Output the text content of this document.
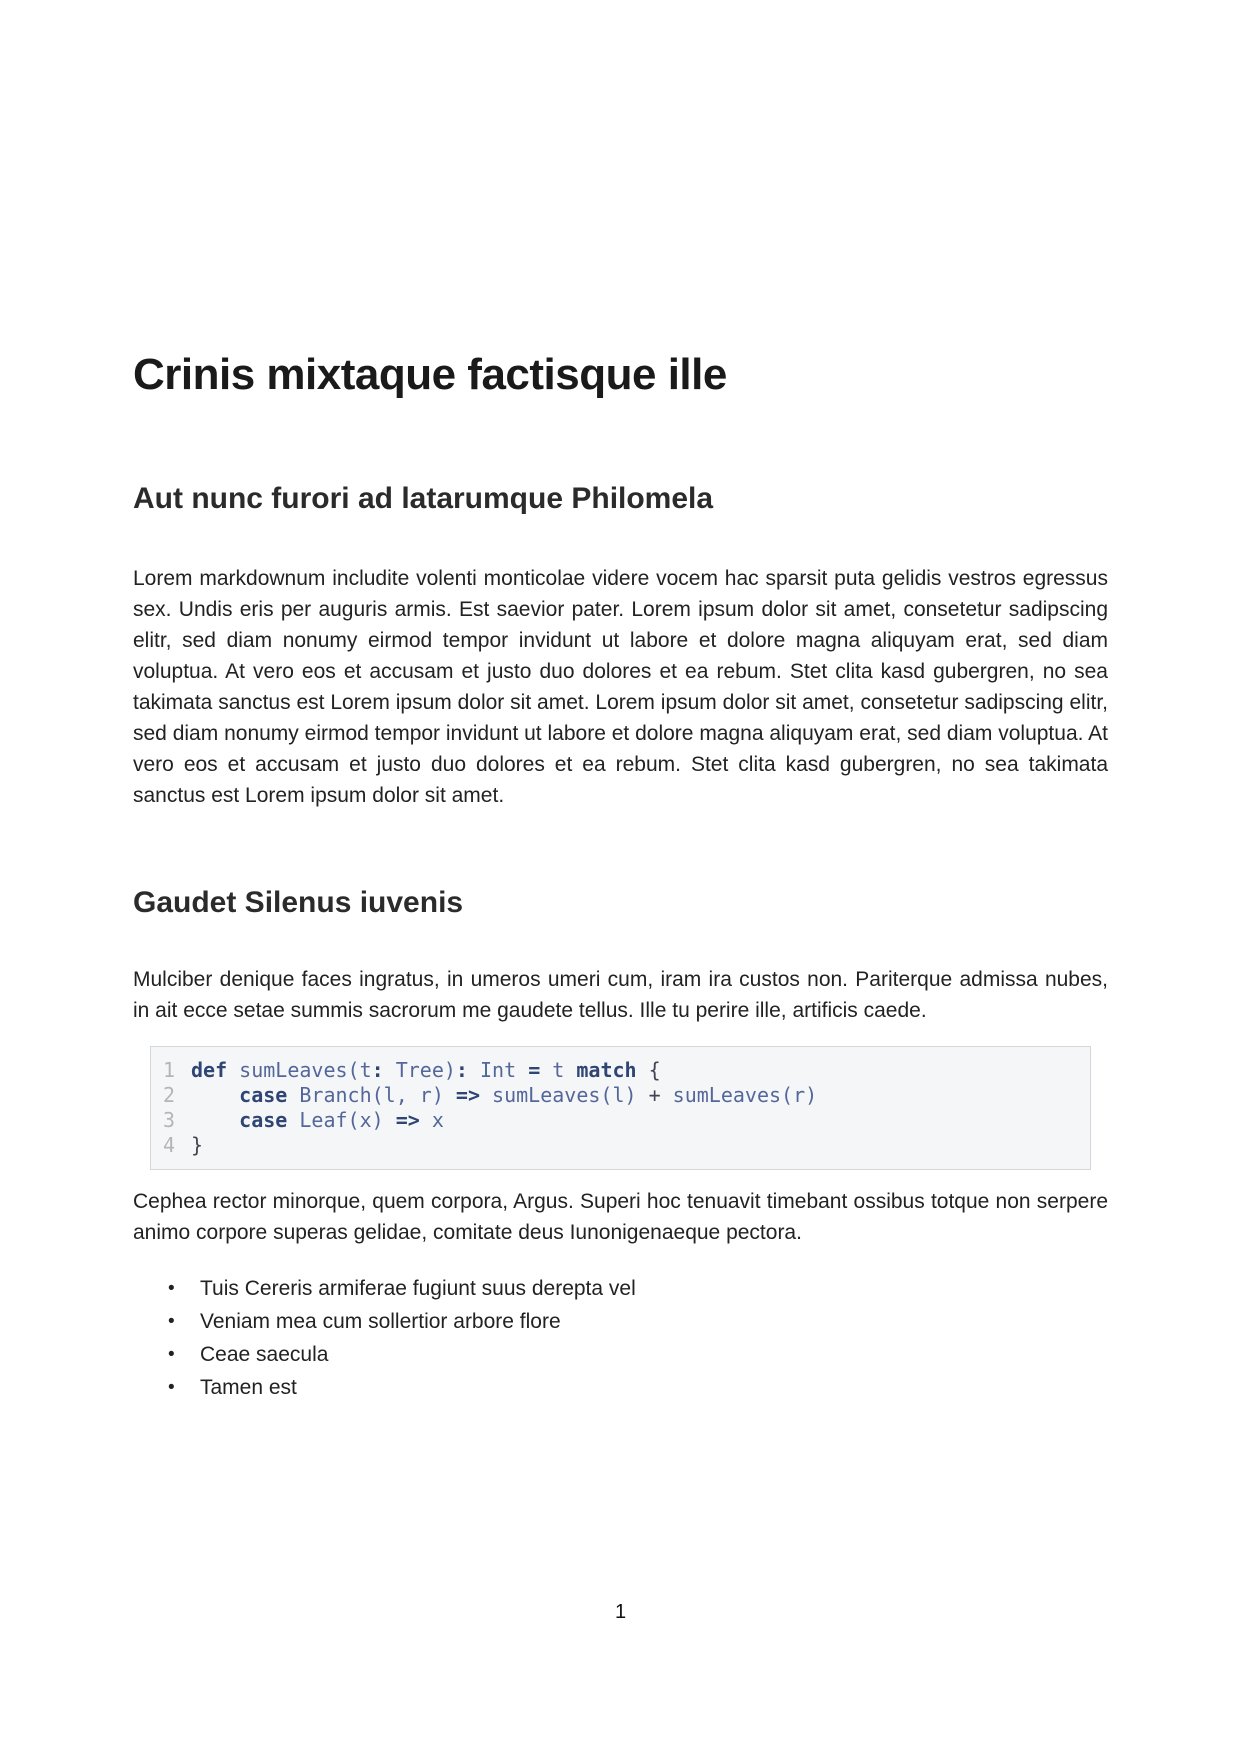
Crinis mixtaque factisque ille
Aut nunc furori ad latarumque Philomela

Lorem markdownum includite volenti monticolae videre vocem hac sparsit puta gelidis vestros egressus sex. Undis eris per auguris armis. Est saevior pater. Lorem ipsum dolor sit amet, consetetur sadipscing elitr, sed diam nonumy eirmod tempor invidunt ut labore et dolore magna aliquyam erat, sed diam voluptua. At vero eos et accusam et justo duo dolores et ea rebum. Stet clita kasd gubergren, no sea takimata sanctus est Lorem ipsum dolor sit amet. Lorem ipsum dolor sit amet, consetetur sadipscing elitr, sed diam nonumy eirmod tempor invidunt ut labore et dolore magna aliquyam erat, sed diam voluptua. At vero eos et accusam et justo duo dolores et ea rebum. Stet clita kasd gubergren, no sea takimata sanctus est Lorem ipsum dolor sit amet.

Gaudet Silenus iuvenis

Mulciber denique faces ingratus, in umeros umeri cum, iram ira custos non. Pariterque admissa nubes, in ait ecce setae summis sacrorum me gaudete tellus. Ille tu perire ille, artificis caede.

1 def sumLeaves(t: Tree): Int = t match {
2	case Branch(l, r) => sumLeaves(l) + sumLeaves(r)
3	case Leaf(x) => x
4 }

Cephea rector minorque, quem corpora, Argus. Superi hoc tenuavit timebant ossibus totque non serpere animo corpore superas gelidae, comitate deus Iunonigenaeque pectora.

• Tuis Cereris armiferae fugiunt suus derepta vel
• Veniam mea cum sollertior arbore flore
• Ceae saecula
• Tamen est
1
